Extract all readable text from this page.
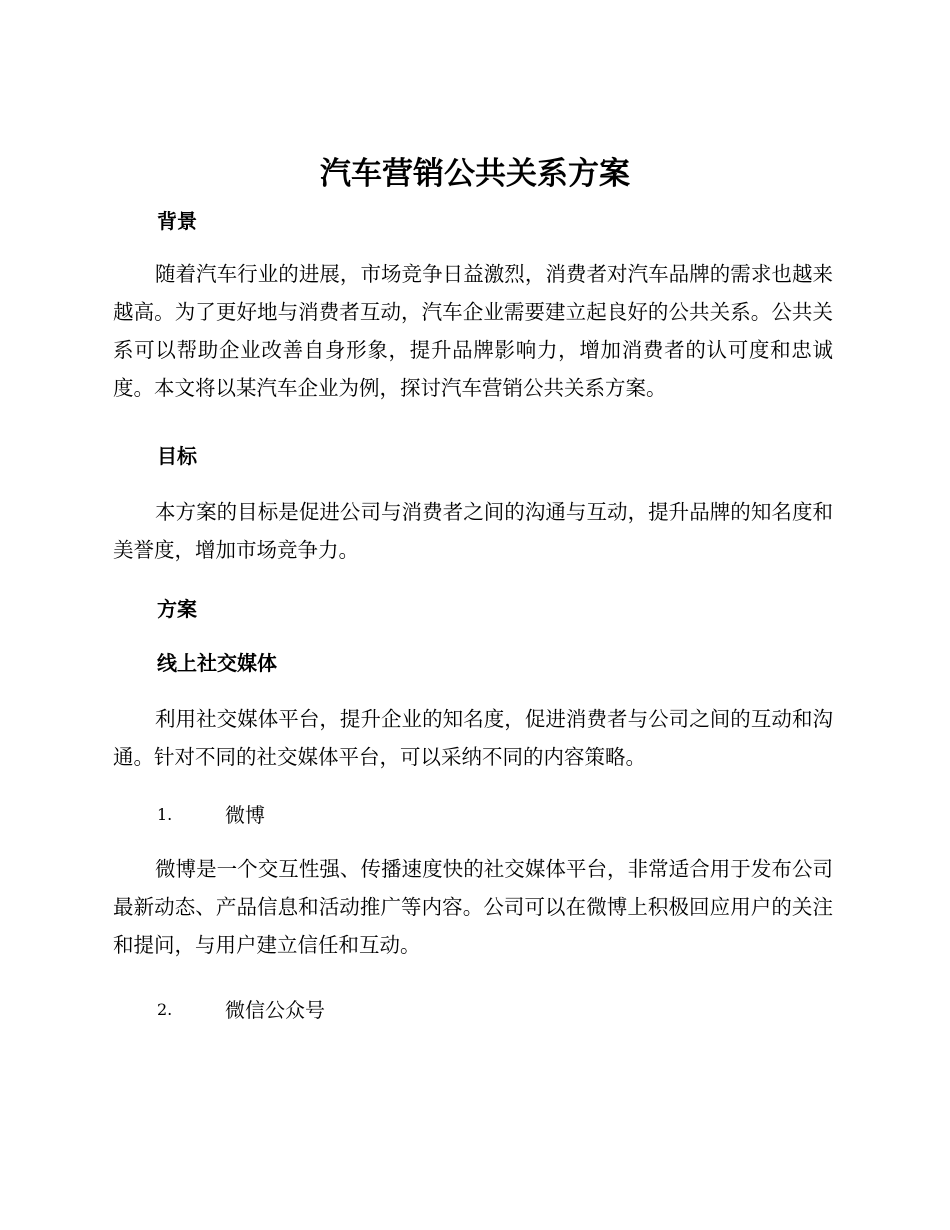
汽车营销公共关系方案
背景

随着汽车行业的进展，市场竞争日益激烈，消费者对汽车品牌的需求也越来越高。为了更好地与消费者互动，汽车企业需要建立起良好的公共关系。公共关系可以帮助企业改善自身形象，提升品牌影响力，增加消费者的认可度和忠诚度。本文将以某汽车企业为例，探讨汽车营销公共关系方案。

目标

本方案的目标是促进公司与消费者之间的沟通与互动，提升品牌的知名度和美誉度，增加市场竞争力。

方案
线上社交媒体

利用社交媒体平台，提升企业的知名度，促进消费者与公司之间的互动和沟通。针对不同的社交媒体平台，可以采纳不同的内容策略。

1.	微博

微博是一个交互性强、传播速度快的社交媒体平台，非常适合用于发布公司最新动态、产品信息和活动推广等内容。公司可以在微博上积极回应用户的关注和提问，与用户建立信任和互动。

2.	微信公众号
